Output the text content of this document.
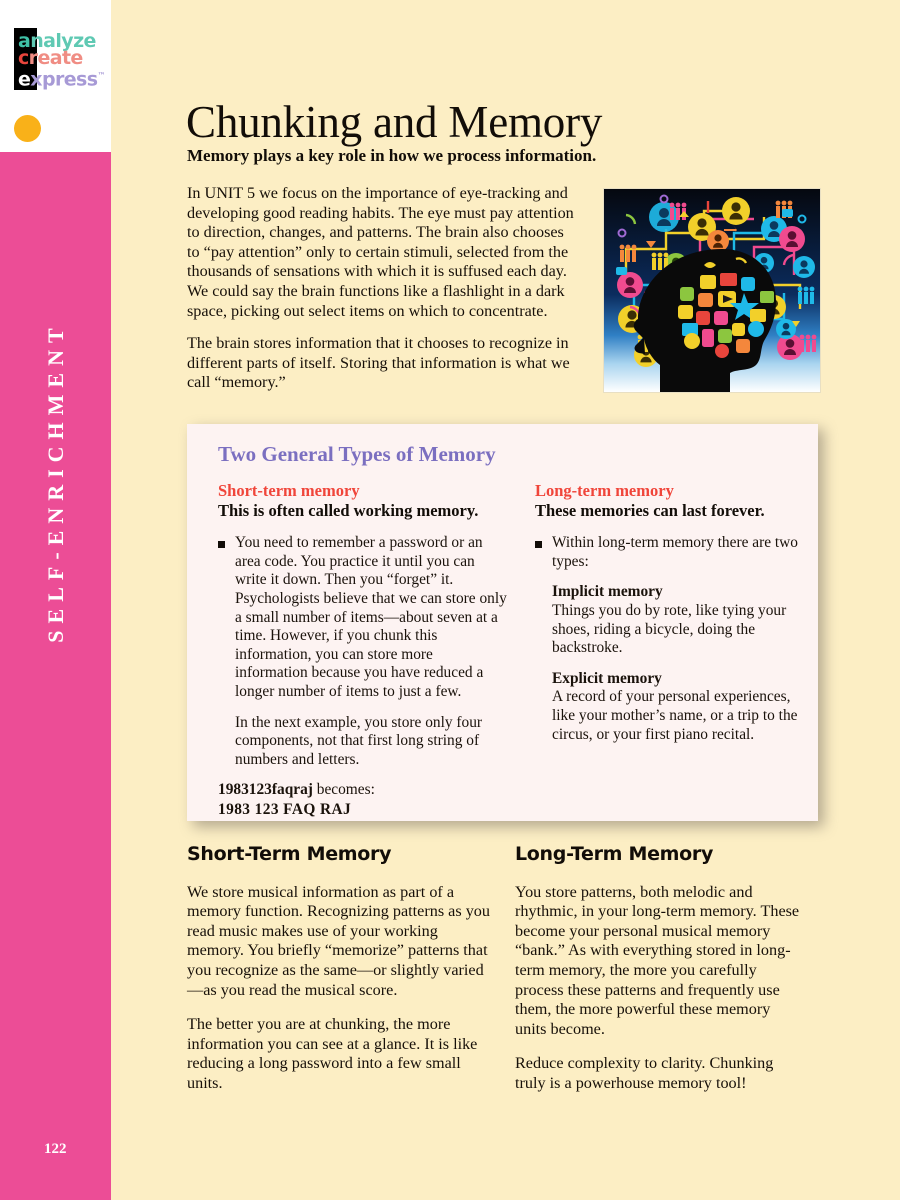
analyze
create
express™
SELF-ENRICHMENT
122
Chunking and Memory
Memory plays a key role in how we process information.

In UNIT 5 we focus on the importance of eye-tracking and developing good reading habits. The eye must pay attention to direction, changes, and patterns. The brain also chooses to “pay attention” only to certain stimuli, selected from the thousands of sensations with which it is suffused each day. We could say the brain functions like a flashlight in a dark space, picking out select items on which to concentrate.

The brain stores information that it chooses to recognize in different parts of itself. Storing that information is what we call “memory.”

Two General Types of Memory

Short-term memory

This is often called working memory.

You need to remember a password or an area code. You practice it until you can write it down. Then you “forget” it. Psychologists believe that we can store only a small number of items—about seven at a time. However, if you chunk this information, you can store more information because you have reduced a longer number of items to just a few.

In the next example, you store only four components, not that first long string of numbers and letters.

1983123faqraj becomes:

1983 123 FAQ RAJ

Long-term memory

These memories can last forever.

Within long-term memory there are two types:

Implicit memory

Things you do by rote, like tying your shoes, riding a bicycle, doing the backstroke.

Explicit memory

A record of your personal experiences, like your mother’s name, or a trip to the circus, or your first piano recital.

Short-Term Memory

We store musical information as part of a memory function. Recognizing patterns as you read music makes use of your working memory. You briefly “memorize” patterns that you recognize as the same—or slightly varied—as you read the musical score.

The better you are at chunking, the more information you can see at a glance. It is like reducing a long password into a few small units.

Long-Term Memory

You store patterns, both melodic and rhythmic, in your long-term memory. These become your personal musical memory “bank.” As with everything stored in long-term memory, the more you carefully process these patterns and frequently use them, the more powerful these memory units become.

Reduce complexity to clarity. Chunking truly is a powerhouse memory tool!
